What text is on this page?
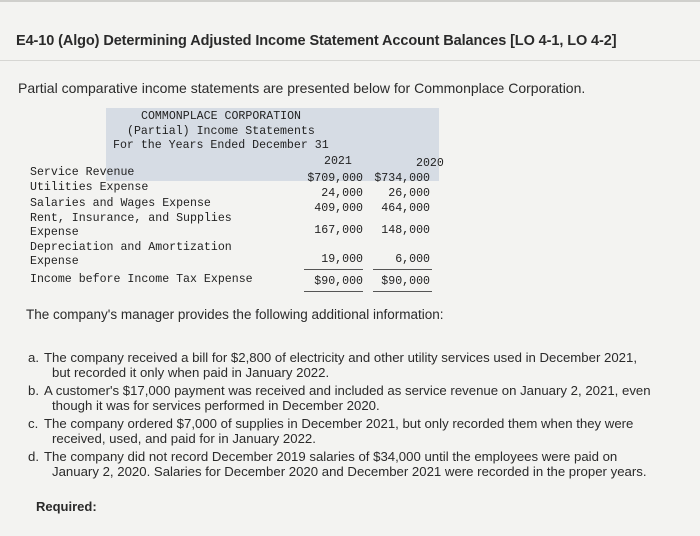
E4-10 (Algo) Determining Adjusted Income Statement Account Balances [LO 4-1, LO 4-2]
Partial comparative income statements are presented below for Commonplace Corporation.
COMMONPLACE CORPORATION
(Partial) Income Statements
For the Years Ended December 31
2021	2020
Service Revenue	$709,000 $734,000
Utilities Expense	24,000 26,000
Salaries and Wages Expense	409,000 464,000
Rent, Insurance, and Supplies
Expense	167,000 148,000
Depreciation and Amortization
Expense	19,000	6,000
Income before Income Tax Expense	$90,000 $90,000
The company's manager provides the following additional information:
a. The company received a bill for $2,800 of electricity and other utility services used in December 2021,
but recorded it only when paid in January 2022.
b. A customer's $17,000 payment was received and included as service revenue on January 2, 2021, even
though it was for services performed in December 2020.
c. The company ordered $7,000 of supplies in December 2021, but only recorded them when they were
received, used, and paid for in January 2022.
d. The company did not record December 2019 salaries of $34,000 until the employees were paid on
January 2, 2020. Salaries for December 2020 and December 2021 were recorded in the proper years.
Required:
